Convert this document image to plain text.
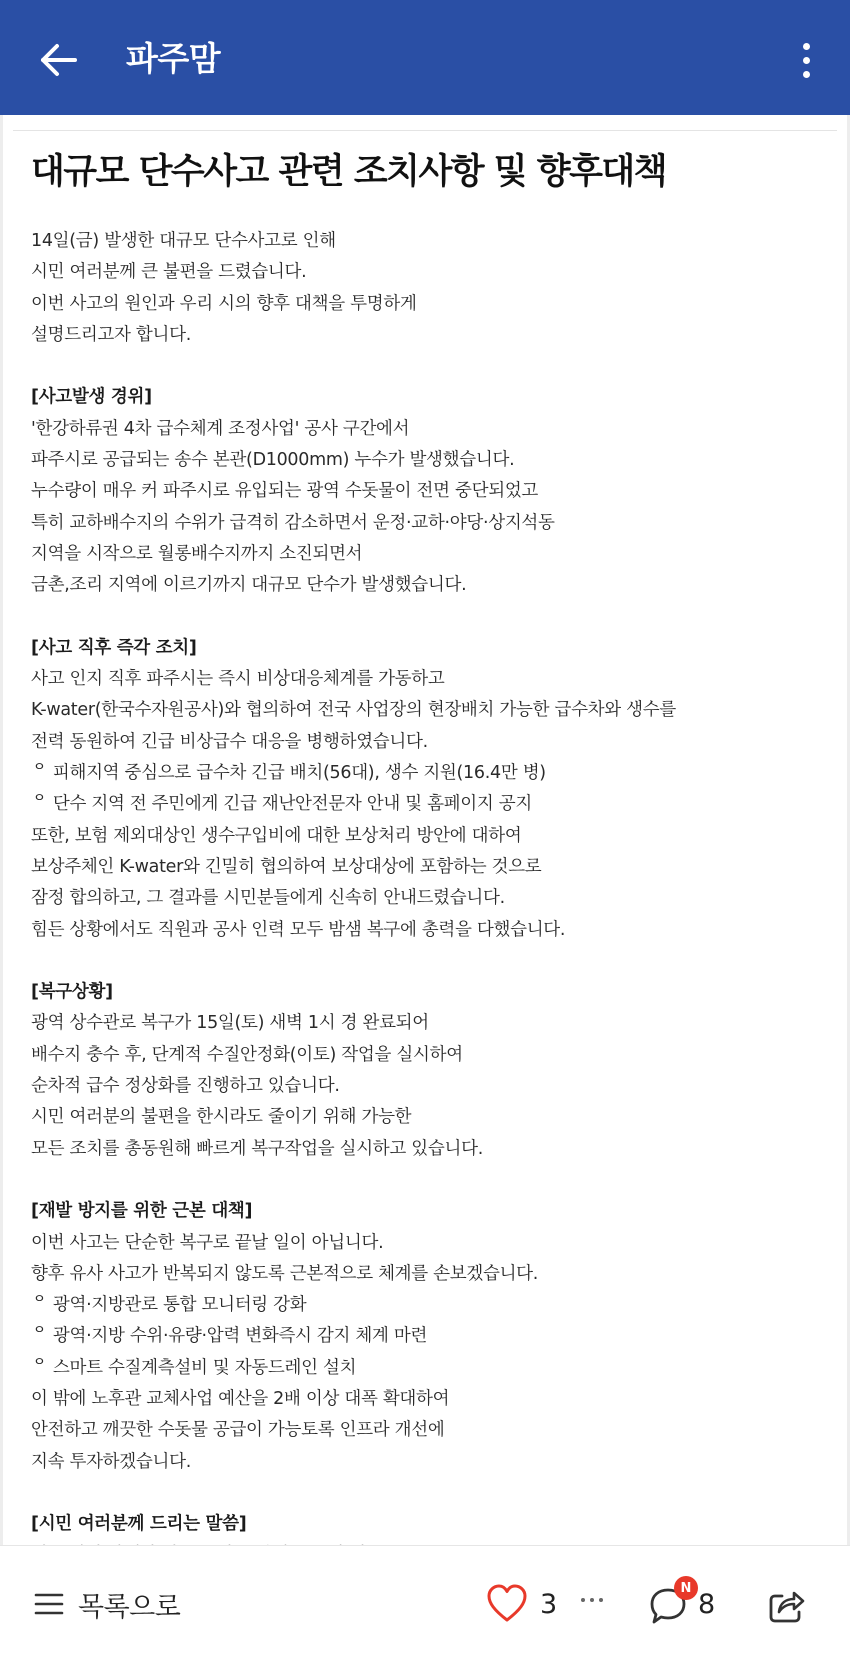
파주맘
대규모 단수사고 관련 조치사항 및 향후대책
14일(금) 발생한 대규모 단수사고로 인해
시민 여러분께 큰 불편을 드렸습니다.
이번 사고의 원인과 우리 시의 향후 대책을 투명하게
설명드리고자 합니다.
[사고발생 경위]
'한강하류권 4차 급수체계 조정사업' 공사 구간에서
파주시로 공급되는 송수 본관(D1000mm) 누수가 발생했습니다.
누수량이 매우 커 파주시로 유입되는 광역 수돗물이 전면 중단되었고
특히 교하배수지의 수위가 급격히 감소하면서 운정·교하·야당·상지석동
지역을 시작으로 월롱배수지까지 소진되면서
금촌,조리 지역에 이르기까지 대규모 단수가 발생했습니다.
[사고 직후 즉각 조치]
사고 인지 직후 파주시는 즉시 비상대응체계를 가동하고
K-water(한국수자원공사)와 협의하여 전국 사업장의 현장배치 가능한 급수차와 생수를
전력 동원하여 긴급 비상급수 대응을 병행하였습니다.
ᄋ 피해지역 중심으로 급수차 긴급 배치(56대), 생수 지원(16.4만 병)
ᄋ 단수 지역 전 주민에게 긴급 재난안전문자 안내 및 홈페이지 공지
또한, 보험 제외대상인 생수구입비에 대한 보상처리 방안에 대하여
보상주체인 K-water와 긴밀히 협의하여 보상대상에 포함하는 것으로
잠정 합의하고, 그 결과를 시민분들에게 신속히 안내드렸습니다.
힘든 상황에서도 직원과 공사 인력 모두 밤샘 복구에 총력을 다했습니다.
[복구상황]
광역 상수관로 복구가 15일(토) 새벽 1시 경 완료되어
배수지 충수 후, 단계적 수질안정화(이토) 작업을 실시하여
순차적 급수 정상화를 진행하고 있습니다.
시민 여러분의 불편을 한시라도 줄이기 위해 가능한
모든 조치를 총동원해 빠르게 복구작업을 실시하고 있습니다.
[재발 방지를 위한 근본 대책]
이번 사고는 단순한 복구로 끝날 일이 아닙니다.
향후 유사 사고가 반복되지 않도록 근본적으로 체계를 손보겠습니다.
ᄋ 광역·지방관로 통합 모니터링 강화
ᄋ 광역·지방 수위·유량·압력 변화즉시 감지 체계 마련
ᄋ 스마트 수질계측설비 및 자동드레인 설치
이 밖에 노후관 교체사업 예산을 2배 이상 대폭 확대하여
안전하고 깨끗한 수돗물 공급이 가능토록 인프라 개선에
지속 투자하겠습니다.
[시민 여러분께 드리는 말씀]
목록으로	3
N
8
